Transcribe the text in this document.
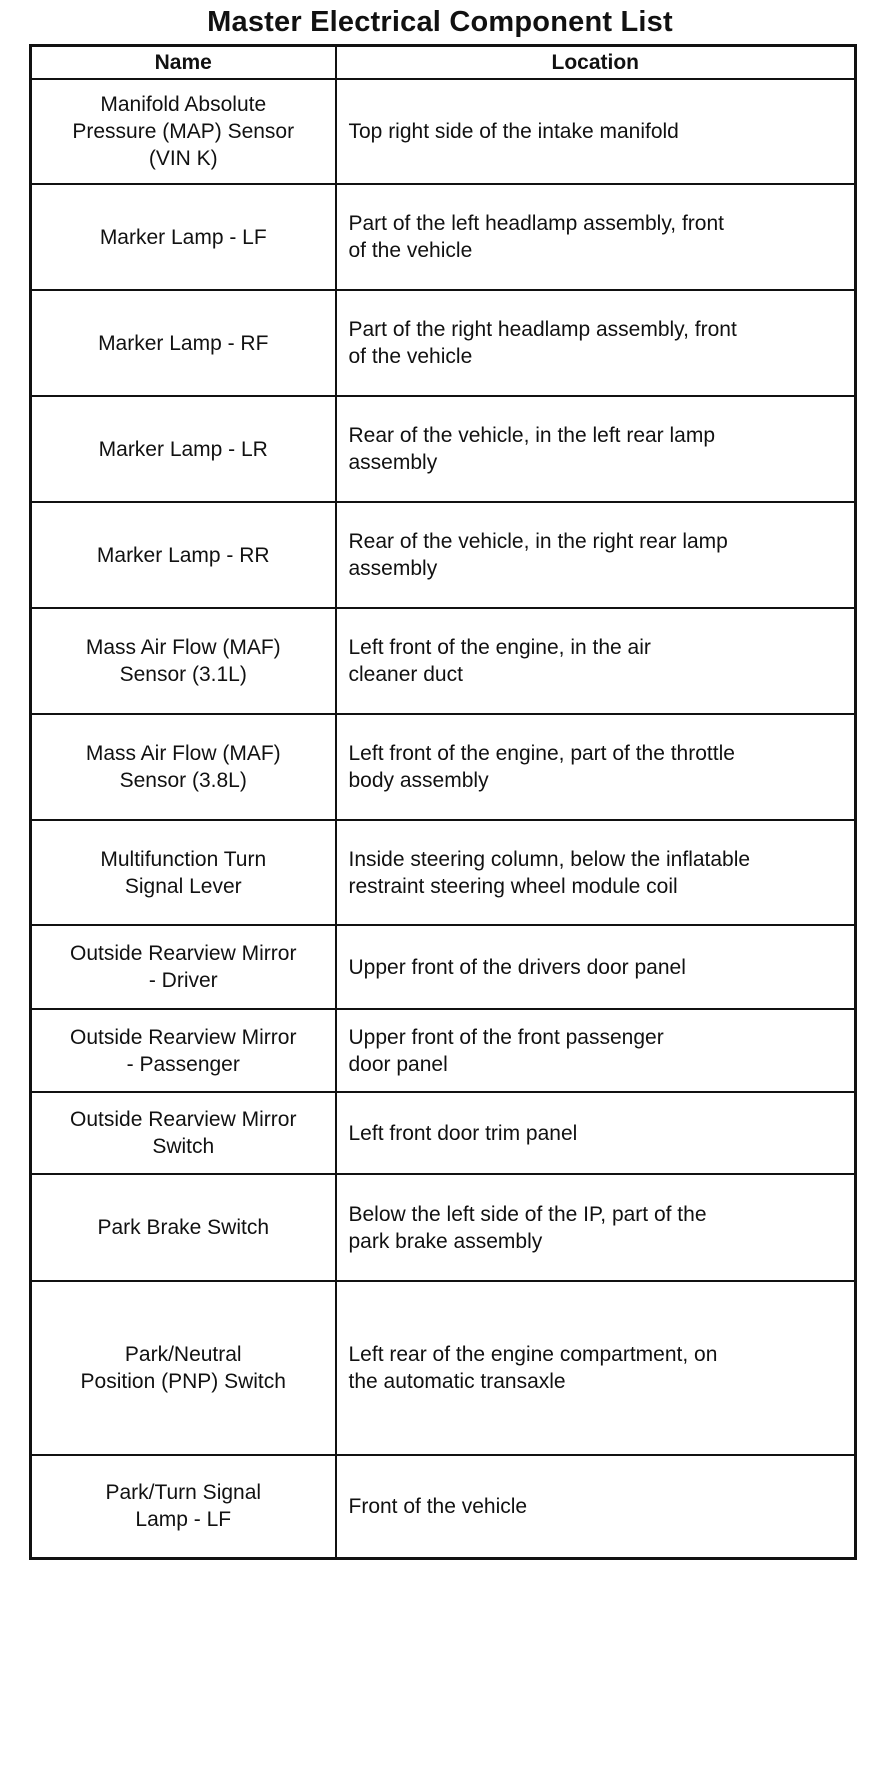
Master Electrical Component List
Name	Location
Manifold Absolute
Pressure (MAP) Sensor
(VIN K)	Top right side of the intake manifold
Marker Lamp - LF	Part of the left headlamp assembly, front
of the vehicle
Marker Lamp - RF	Part of the right headlamp assembly, front
of the vehicle
Marker Lamp - LR	Rear of the vehicle, in the left rear lamp
assembly
Marker Lamp - RR	Rear of the vehicle, in the right rear lamp
assembly
Mass Air Flow (MAF)
Sensor (3.1L)	Left front of the engine, in the air
cleaner duct
Mass Air Flow (MAF)
Sensor (3.8L)	Left front of the engine, part of the throttle
body assembly
Multifunction Turn
Signal Lever	Inside steering column, below the inflatable
restraint steering wheel module coil
Outside Rearview Mirror
- Driver	Upper front of the drivers door panel
Outside Rearview Mirror
- Passenger	Upper front of the front passenger
door panel
Outside Rearview Mirror
Switch	Left front door trim panel
Park Brake Switch	Below the left side of the IP, part of the
park brake assembly
Park/Neutral
Position (PNP) Switch	Left rear of the engine compartment, on
the automatic transaxle
Park/Turn Signal
Lamp - LF	Front of the vehicle
